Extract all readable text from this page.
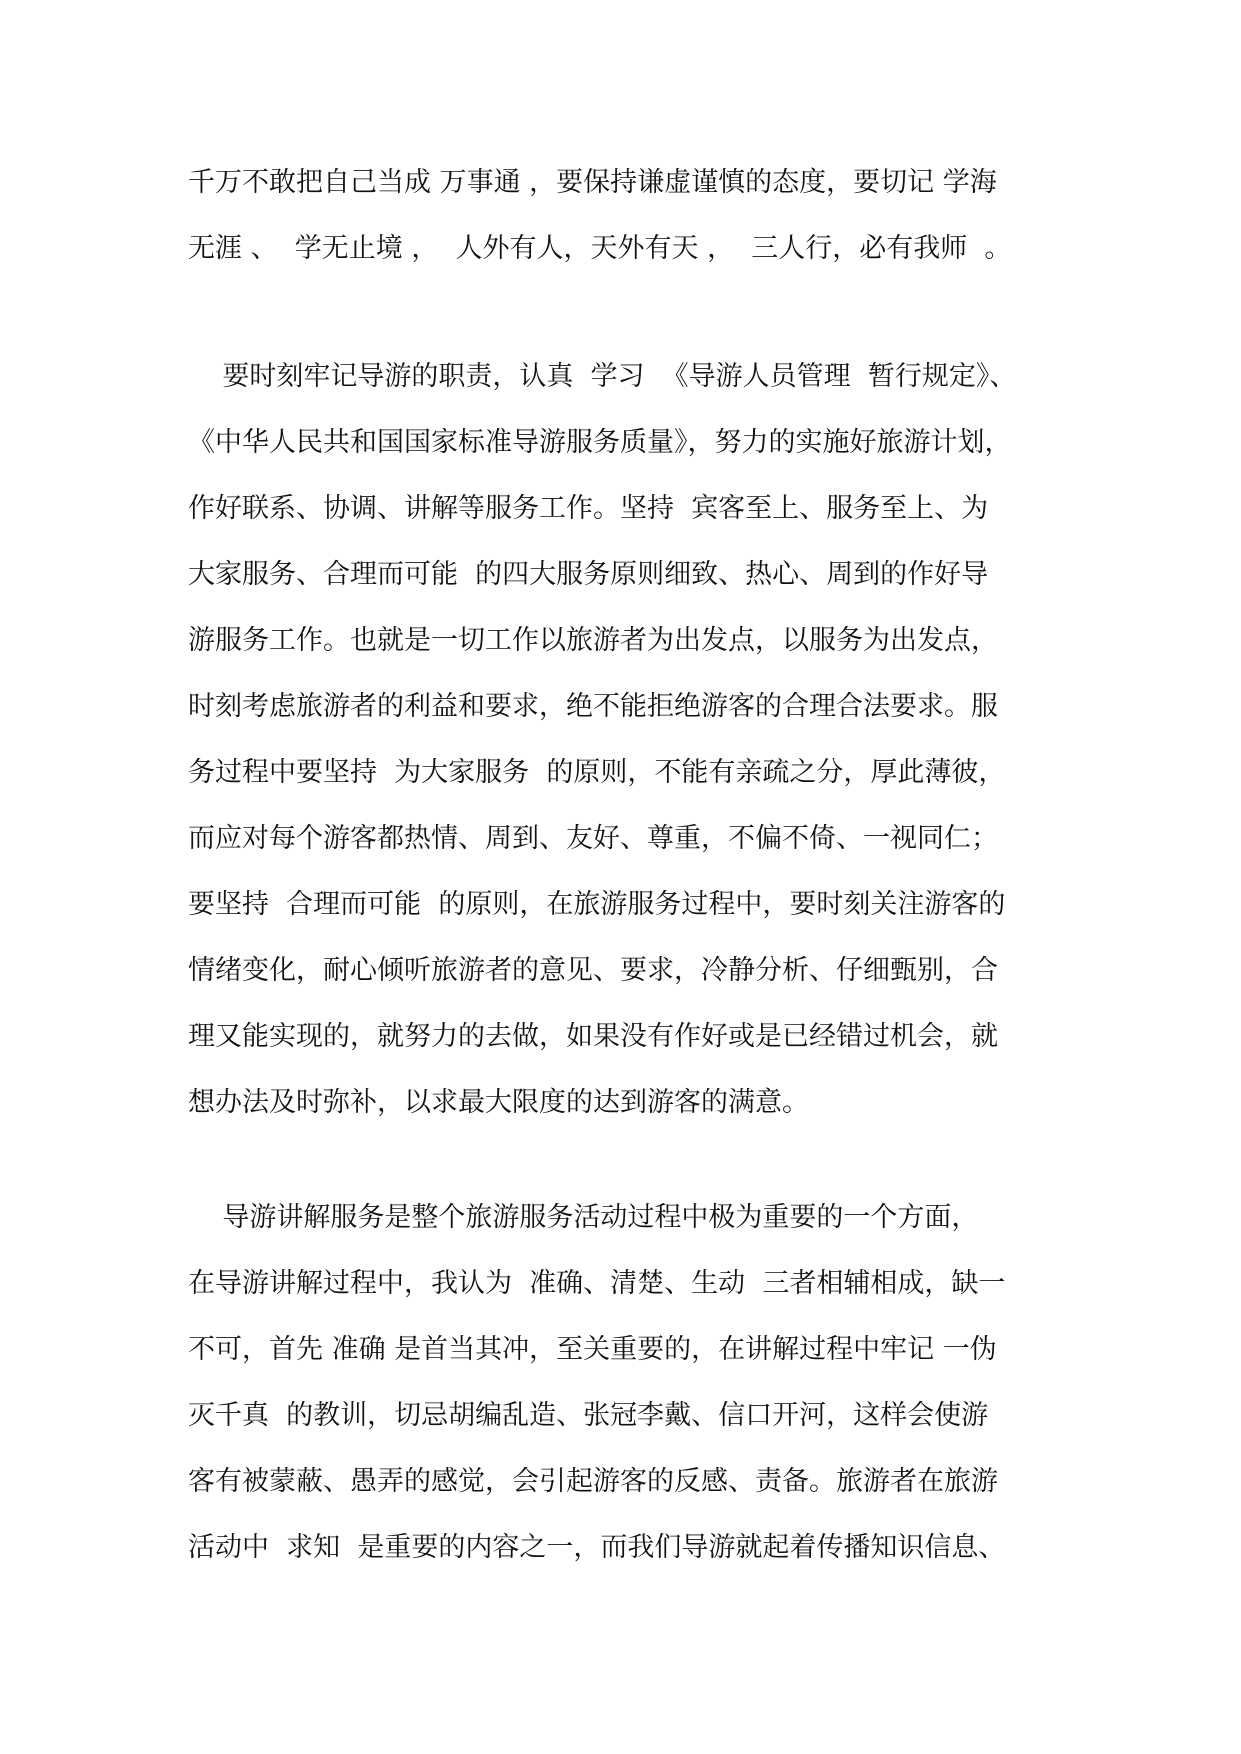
千万不敢把自己当成 万事通 ，要保持谦虚谨慎的态度，要切记 学海
无涯 、  学无止境 ，  人外有人，天外有天 ，  三人行，必有我师  。
要时刻牢记导游的职责，认真  学习  《导游人员管理  暂行规定》、
《中华人民共和国国家标准导游服务质量》，努力的实施好旅游计划，
作好联系、协调、讲解等服务工作。坚持  宾客至上、服务至上、为
大家服务、合理而可能  的四大服务原则细致、热心、周到的作好导
游服务工作。也就是一切工作以旅游者为出发点，以服务为出发点，
时刻考虑旅游者的利益和要求，绝不能拒绝游客的合理合法要求。服
务过程中要坚持  为大家服务  的原则，不能有亲疏之分，厚此薄彼，
而应对每个游客都热情、周到、友好、尊重，不偏不倚、一视同仁；
要坚持  合理而可能  的原则，在旅游服务过程中，要时刻关注游客的
情绪变化，耐心倾听旅游者的意见、要求，冷静分析、仔细甄别，合
理又能实现的，就努力的去做，如果没有作好或是已经错过机会，就
想办法及时弥补，以求最大限度的达到游客的满意。
导游讲解服务是整个旅游服务活动过程中极为重要的一个方面，
在导游讲解过程中，我认为  准确、清楚、生动  三者相辅相成，缺一
不可，首先 准确 是首当其冲，至关重要的，在讲解过程中牢记 一伪
灭千真  的教训，切忌胡编乱造、张冠李戴、信口开河，这样会使游
客有被蒙蔽、愚弄的感觉，会引起游客的反感、责备。旅游者在旅游
活动中  求知  是重要的内容之一，而我们导游就起着传播知识信息、
